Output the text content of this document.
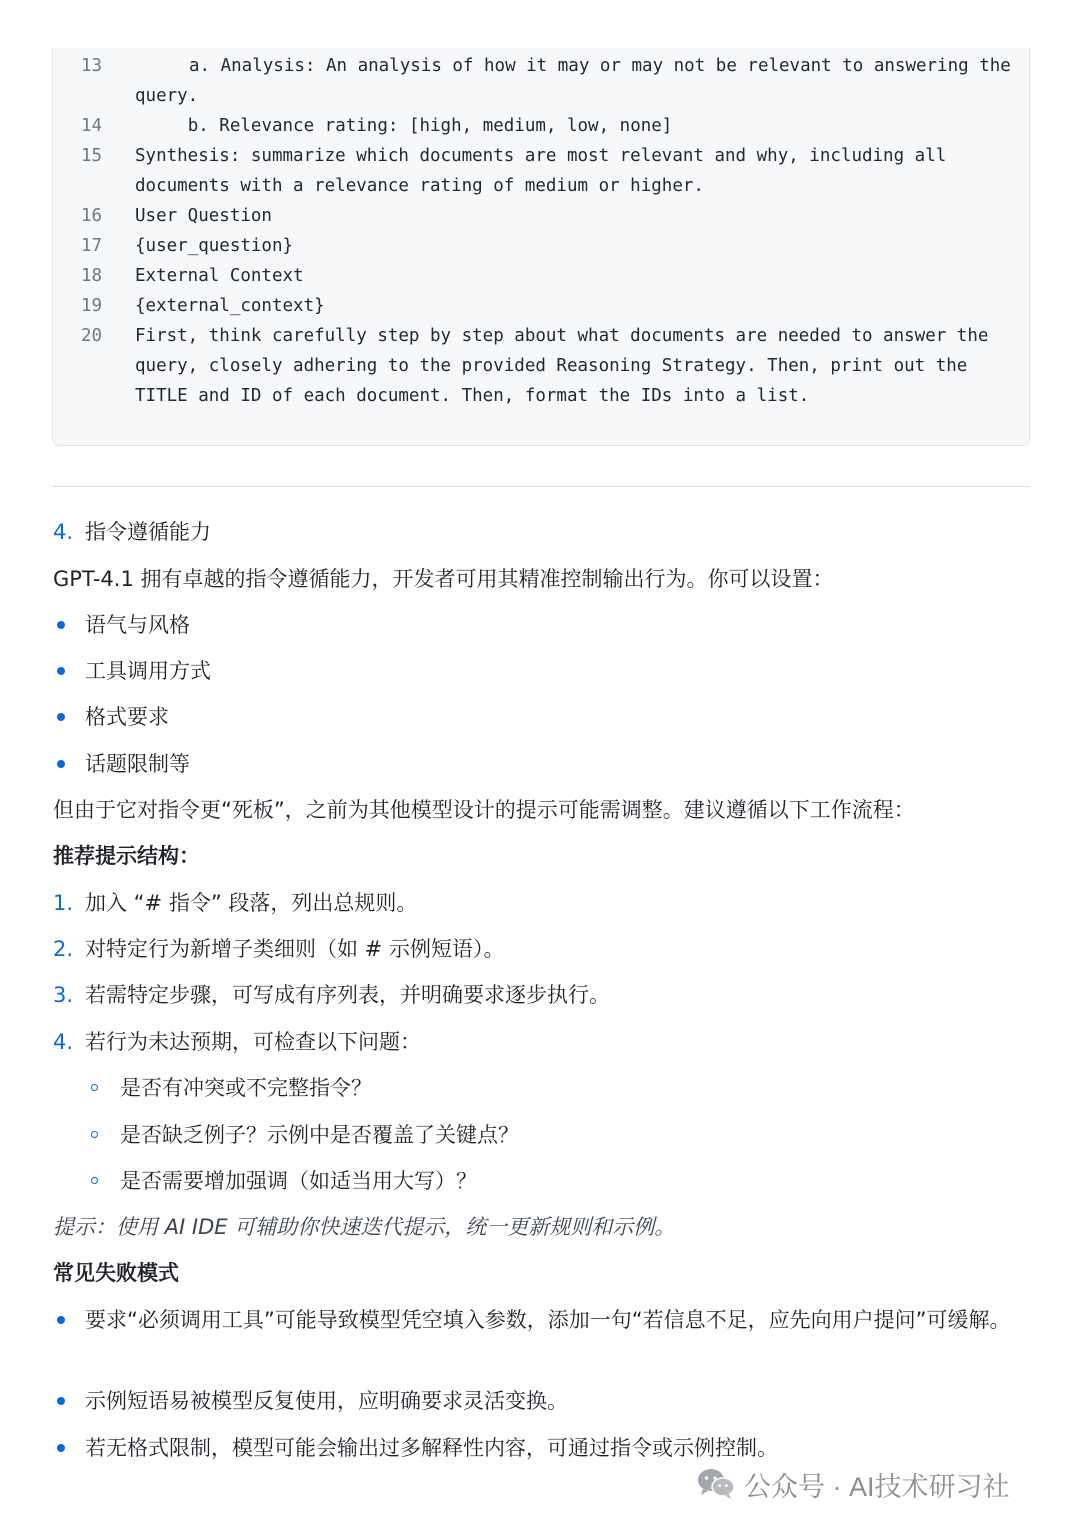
13	a. Analysis: An analysis of how it may or may not be relevant to answering the query.
14	b. Relevance rating: [high, medium, low, none]
15	Synthesis: summarize which documents are most relevant and why, including all documents with a relevance rating of medium or higher.
16	User Question
17	{user_question}
18	External Context
19	{external_context}
20	First, think carefully step by step about what documents are needed to answer the query, closely adhering to the provided Reasoning Strategy. Then, print out the TITLE and ID of each document. Then, format the IDs into a list.
4. 指令遵循能力
GPT-4.1 拥有卓越的指令遵循能力，开发者可用其精准控制输出行为。你可以设置：
语气与风格
工具调用方式
格式要求
话题限制等
但由于它对指令更“死板”，之前为其他模型设计的提示可能需调整。建议遵循以下工作流程：
推荐提示结构：
1. 加入 “# 指令” 段落，列出总规则。
2. 对特定行为新增子类细则（如 # 示例短语）。
3. 若需特定步骤，可写成有序列表，并明确要求逐步执行。
4. 若行为未达预期，可检查以下问题：
是否有冲突或不完整指令？
是否缺乏例子？示例中是否覆盖了关键点？
是否需要增加强调（如适当用大写）？
提示：使用 AI IDE 可辅助你快速迭代提示，统一更新规则和示例。
常见失败模式
要求“必须调用工具”可能导致模型凭空填入参数，添加一句“若信息不足，应先向用户提问”可缓解。
示例短语易被模型反复使用，应明确要求灵活变换。
若无格式限制，模型可能会输出过多解释性内容，可通过指令或示例控制。
公众号 · AI技术研习社
